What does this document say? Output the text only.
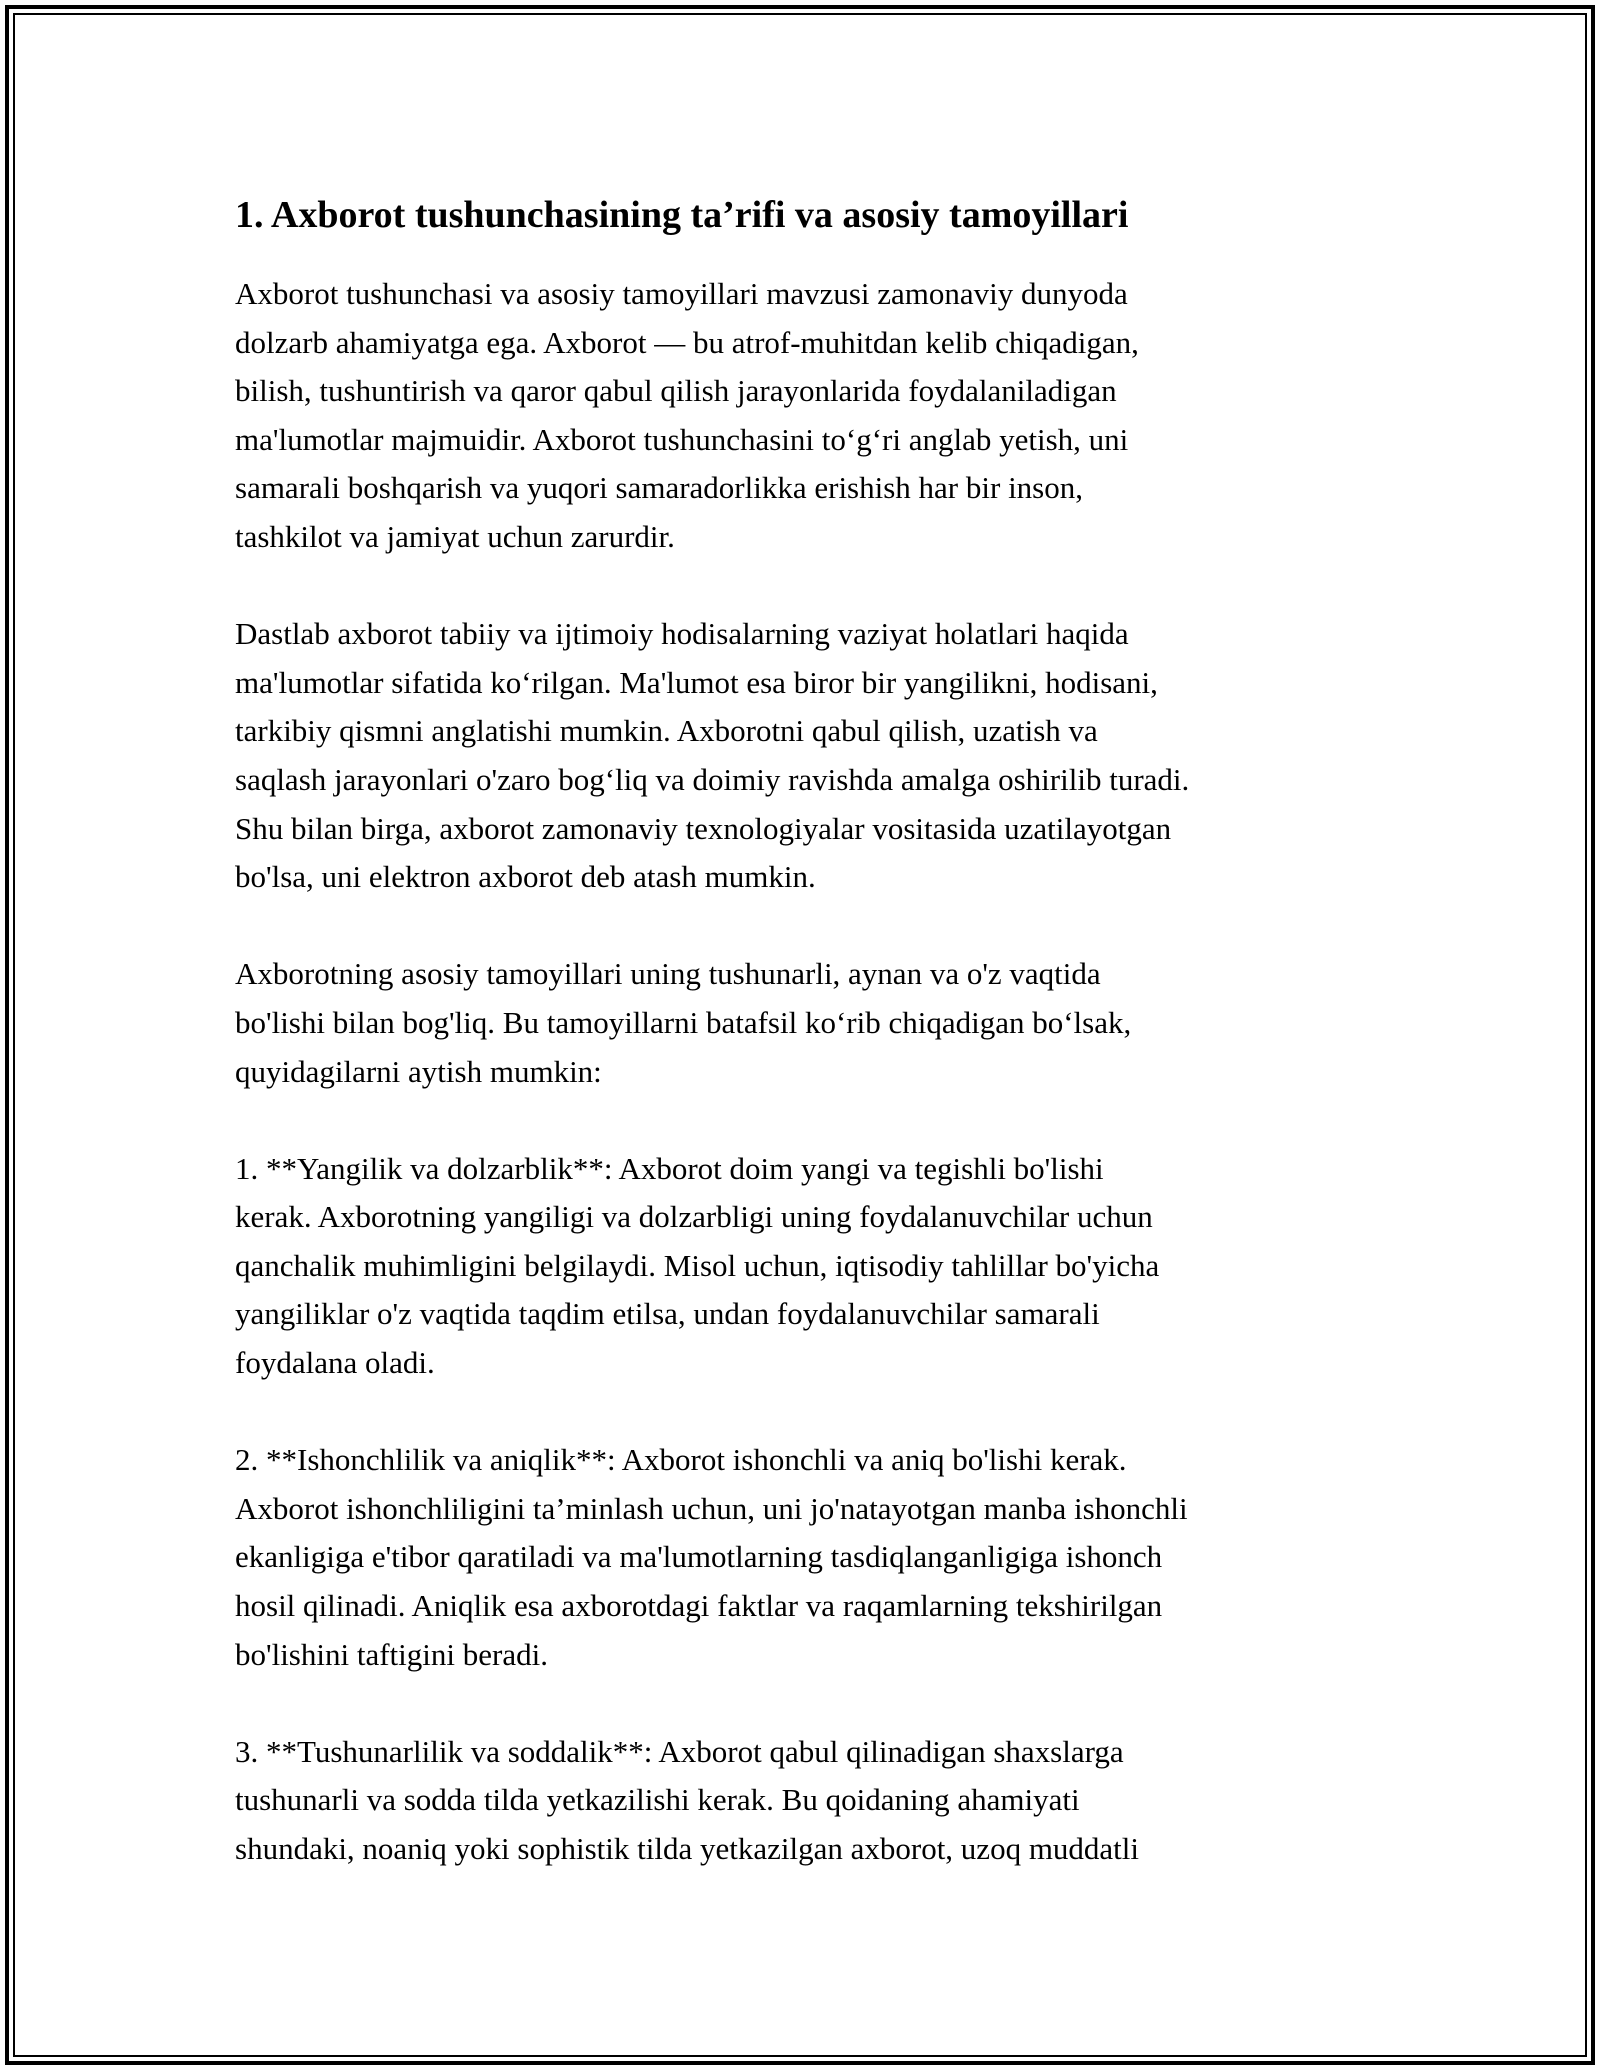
1. Axborot tushunchasining ta’rifi va asosiy tamoyillari
Axborot tushunchasi va asosiy tamoyillari mavzusi zamonaviy dunyoda
dolzarb ahamiyatga ega. Axborot — bu atrof-muhitdan kelib chiqadigan,
bilish, tushuntirish va qaror qabul qilish jarayonlarida foydalaniladigan
ma'lumotlar majmuidir. Axborot tushunchasini to‘g‘ri anglab yetish, uni
samarali boshqarish va yuqori samaradorlikka erishish har bir inson,
tashkilot va jamiyat uchun zarurdir.
Dastlab axborot tabiiy va ijtimoiy hodisalarning vaziyat holatlari haqida
ma'lumotlar sifatida ko‘rilgan. Ma'lumot esa biror bir yangilikni, hodisani,
tarkibiy qismni anglatishi mumkin. Axborotni qabul qilish, uzatish va
saqlash jarayonlari o'zaro bog‘liq va doimiy ravishda amalga oshirilib turadi.
Shu bilan birga, axborot zamonaviy texnologiyalar vositasida uzatilayotgan
bo'lsa, uni elektron axborot deb atash mumkin.
Axborotning asosiy tamoyillari uning tushunarli, aynan va o'z vaqtida
bo'lishi bilan bog'liq. Bu tamoyillarni batafsil ko‘rib chiqadigan bo‘lsak,
quyidagilarni aytish mumkin:
1. **Yangilik va dolzarblik**: Axborot doim yangi va tegishli bo'lishi
kerak. Axborotning yangiligi va dolzarbligi uning foydalanuvchilar uchun
qanchalik muhimligini belgilaydi. Misol uchun, iqtisodiy tahlillar bo'yicha
yangiliklar o'z vaqtida taqdim etilsa, undan foydalanuvchilar samarali
foydalana oladi.
2. **Ishonchlilik va aniqlik**: Axborot ishonchli va aniq bo'lishi kerak.
Axborot ishonchliligini ta’minlash uchun, uni jo'natayotgan manba ishonchli
ekanligiga e'tibor qaratiladi va ma'lumotlarning tasdiqlanganligiga ishonch
hosil qilinadi. Aniqlik esa axborotdagi faktlar va raqamlarning tekshirilgan
bo'lishini taftigini beradi.
3. **Tushunarlilik va soddalik**: Axborot qabul qilinadigan shaxslarga
tushunarli va sodda tilda yetkazilishi kerak. Bu qoidaning ahamiyati
shundaki, noaniq yoki sophistik tilda yetkazilgan axborot, uzoq muddatli
